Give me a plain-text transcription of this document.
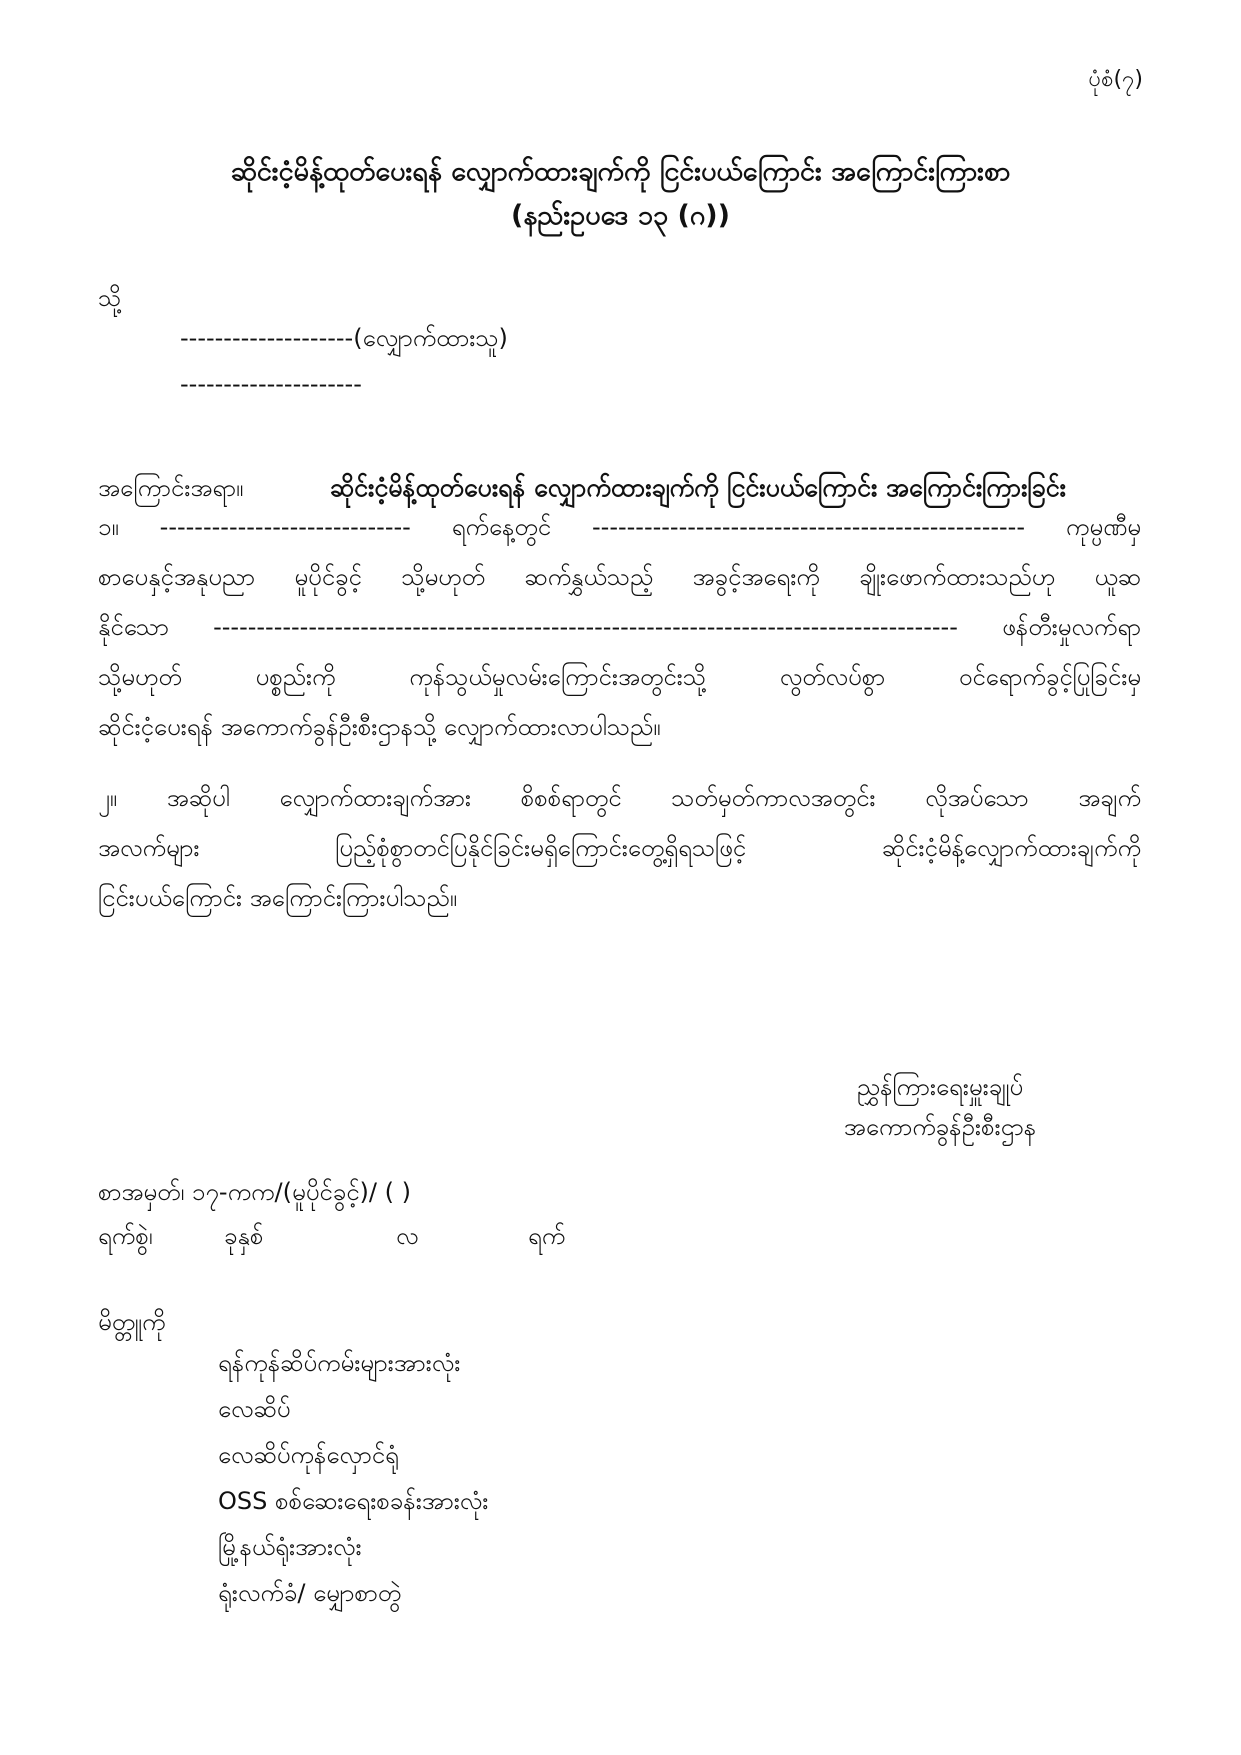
ပုံစံ(၇)
ဆိုင်းငံ့မိန့်ထုတ်ပေးရန် လျှောက်ထားချက်ကို ငြင်းပယ်ကြောင်း အကြောင်းကြားစာ
(နည်းဥပဒေ ၁၃ (ဂ))
သို့
--------------------(လျှောက်ထားသူ)
---------------------
အကြောင်းအရာ။	ဆိုင်းငံ့မိန့်ထုတ်ပေးရန် လျှောက်ထားချက်ကို ငြင်းပယ်ကြောင်း အကြောင်းကြားခြင်း
၁။ ----------------------------- ရက်နေ့တွင် -------------------------------------------------- ကုမ္ပဏီမှ
စာပေနှင့်အနုပညာ မူပိုင်ခွင့် သို့မဟုတ် ဆက်နွှယ်သည့် အခွင့်အရေးကို ချိုးဖောက်ထားသည်ဟု ယူဆ
နိုင်သော -------------------------------------------------------------------------------------- ဖန်တီးမှုလက်ရာ
သို့မဟုတ် ပစ္စည်းကို ကုန်သွယ်မှုလမ်းကြောင်းအတွင်းသို့ လွတ်လပ်စွာ ဝင်ရောက်ခွင့်ပြုခြင်းမှ
ဆိုင်းငံ့ပေးရန် အကောက်ခွန်ဦးစီးဌာနသို့ လျှောက်ထားလာပါသည်။
၂။ အဆိုပါ လျှောက်ထားချက်အား စိစစ်ရာတွင် သတ်မှတ်ကာလအတွင်း လိုအပ်သော အချက်
အလက်များ ပြည့်စုံစွာတင်ပြနိုင်ခြင်းမရှိကြောင်းတွေ့ရှိရသဖြင့် ဆိုင်းငံ့မိန့်လျှောက်ထားချက်ကို
ငြင်းပယ်ကြောင်း အကြောင်းကြားပါသည်။
ညွှန်ကြားရေးမှူးချုပ်
အကောက်ခွန်ဦးစီးဌာန
စာအမှတ်၊ ၁၇-ကက/(မူပိုင်ခွင့်)/ ( )
ရက်စွဲ၊	ခုနှစ်	လ	ရက်
မိတ္တူကို
ရန်ကုန်ဆိပ်ကမ်းများအားလုံး
လေဆိပ်
လေဆိပ်ကုန်လှောင်ရုံ
OSS စစ်ဆေးရေးစခန်းအားလုံး
မြို့နယ်ရုံးအားလုံး
ရုံးလက်ခံ/ မျှောစာတွဲ
